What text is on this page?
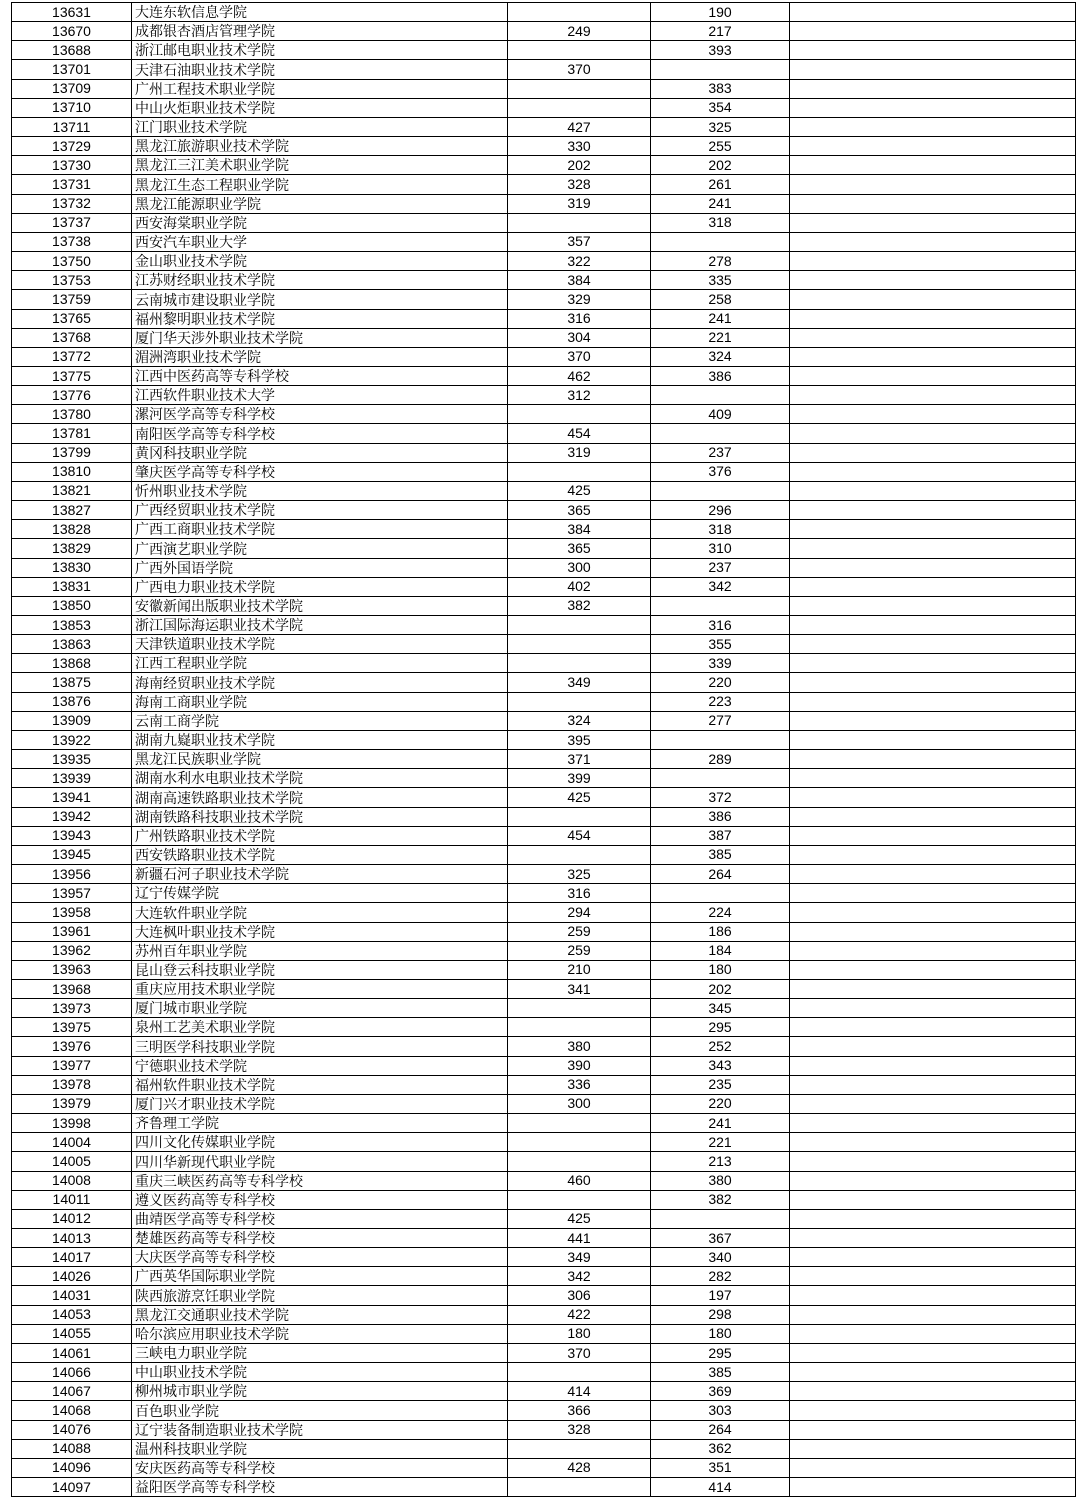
13631	大连东软信息学院		190	
13670	成都银杏酒店管理学院	249	217	
13688	浙江邮电职业技术学院		393	
13701	天津石油职业技术学院	370		
13709	广州工程技术职业学院		383	
13710	中山火炬职业技术学院		354	
13711	江门职业技术学院	427	325	
13729	黑龙江旅游职业技术学院	330	255	
13730	黑龙江三江美术职业学院	202	202	
13731	黑龙江生态工程职业学院	328	261	
13732	黑龙江能源职业学院	319	241	
13737	西安海棠职业学院		318	
13738	西安汽车职业大学	357		
13750	金山职业技术学院	322	278	
13753	江苏财经职业技术学院	384	335	
13759	云南城市建设职业学院	329	258	
13765	福州黎明职业技术学院	316	241	
13768	厦门华天涉外职业技术学院	304	221	
13772	湄洲湾职业技术学院	370	324	
13775	江西中医药高等专科学校	462	386	
13776	江西软件职业技术大学	312		
13780	漯河医学高等专科学校		409	
13781	南阳医学高等专科学校	454		
13799	黄冈科技职业学院	319	237	
13810	肇庆医学高等专科学校		376	
13821	忻州职业技术学院	425		
13827	广西经贸职业技术学院	365	296	
13828	广西工商职业技术学院	384	318	
13829	广西演艺职业学院	365	310	
13830	广西外国语学院	300	237	
13831	广西电力职业技术学院	402	342	
13850	安徽新闻出版职业技术学院	382		
13853	浙江国际海运职业技术学院		316	
13863	天津铁道职业技术学院		355	
13868	江西工程职业学院		339	
13875	海南经贸职业技术学院	349	220	
13876	海南工商职业学院		223	
13909	云南工商学院	324	277	
13922	湖南九嶷职业技术学院	395		
13935	黑龙江民族职业学院	371	289	
13939	湖南水利水电职业技术学院	399		
13941	湖南高速铁路职业技术学院	425	372	
13942	湖南铁路科技职业技术学院		386	
13943	广州铁路职业技术学院	454	387	
13945	西安铁路职业技术学院		385	
13956	新疆石河子职业技术学院	325	264	
13957	辽宁传媒学院	316		
13958	大连软件职业学院	294	224	
13961	大连枫叶职业技术学院	259	186	
13962	苏州百年职业学院	259	184	
13963	昆山登云科技职业学院	210	180	
13968	重庆应用技术职业学院	341	202	
13973	厦门城市职业学院		345	
13975	泉州工艺美术职业学院		295	
13976	三明医学科技职业学院	380	252	
13977	宁德职业技术学院	390	343	
13978	福州软件职业技术学院	336	235	
13979	厦门兴才职业技术学院	300	220	
13998	齐鲁理工学院		241	
14004	四川文化传媒职业学院		221	
14005	四川华新现代职业学院		213	
14008	重庆三峡医药高等专科学校	460	380	
14011	遵义医药高等专科学校		382	
14012	曲靖医学高等专科学校	425		
14013	楚雄医药高等专科学校	441	367	
14017	大庆医学高等专科学校	349	340	
14026	广西英华国际职业学院	342	282	
14031	陕西旅游烹饪职业学院	306	197	
14053	黑龙江交通职业技术学院	422	298	
14055	哈尔滨应用职业技术学院	180	180	
14061	三峡电力职业学院	370	295	
14066	中山职业技术学院		385	
14067	柳州城市职业学院	414	369	
14068	百色职业学院	366	303	
14076	辽宁装备制造职业技术学院	328	264	
14088	温州科技职业学院		362	
14096	安庆医药高等专科学校	428	351	
14097	益阳医学高等专科学校		414	
